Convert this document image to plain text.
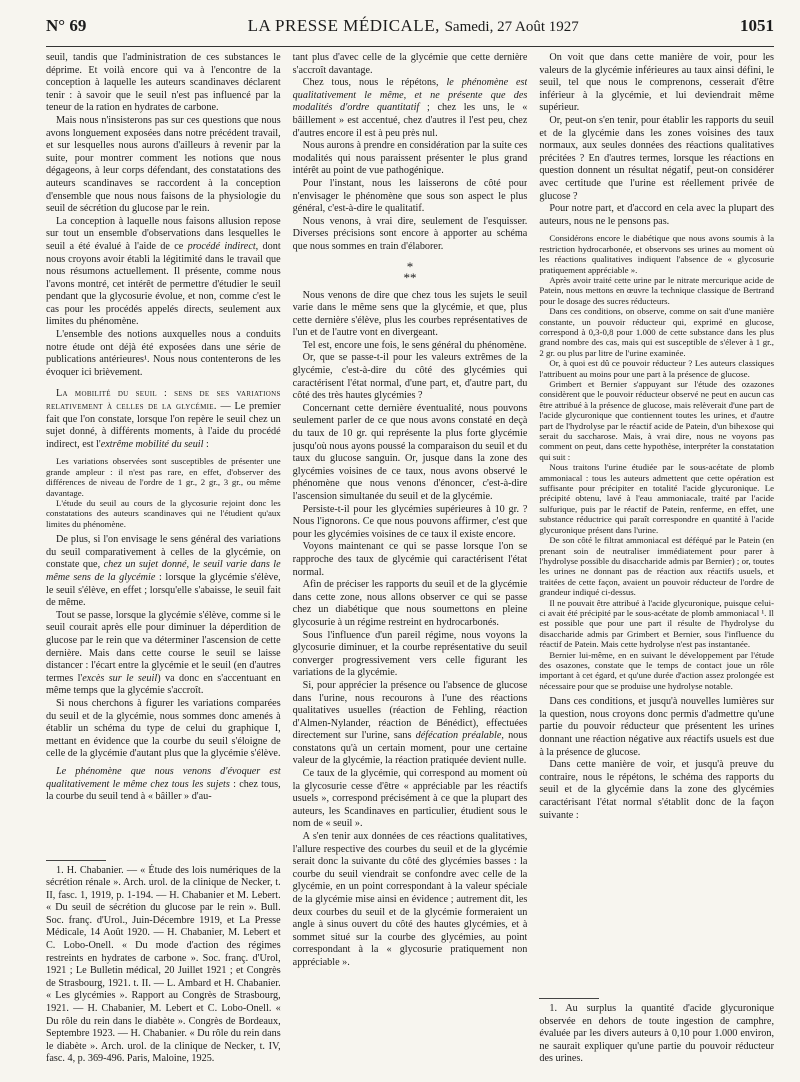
N° 69	LA PRESSE MÉDICALE, Samedi, 27 Août 1927	1051

seuil, tandis que l'administration de ces substances le déprime. Et voilà encore qui va à l'encontre de la conception à laquelle les auteurs scandinaves déclarent tenir : à savoir que le seuil n'est pas influencé par la teneur de la ration en hydrates de carbone.

Mais nous n'insisterons pas sur ces questions que nous avons longuement exposées dans notre précédent travail, et sur lesquelles nous aurons d'ailleurs à revenir par la suite, pour montrer comment les notions que nous dégageons, à leur corps défendant, des constatations des auteurs scandinaves se raccordent à la conception d'ensemble que nous nous faisons de la physiologie du seuil de sécrétion du glucose par le rein.

La conception à laquelle nous faisons allusion repose sur tout un ensemble d'observations dans lesquelles le seuil a été évalué à l'aide de ce procédé indirect, dont nous croyons avoir établi la légitimité dans le travail que nous résumons actuellement. Il présente, comme nous l'avons montré, cet intérêt de permettre d'étudier le seuil pendant que la glycosurie évolue, et non, comme c'est le cas pour les procédés appelés directs, seulement aux limites du phénomène.

L'ensemble des notions auxquelles nous a conduits notre étude ont déjà été exposées dans une série de publications antérieures¹. Nous nous contenterons de les évoquer ici brièvement.

La mobilité du seuil : sens de ses variations relativement à celles de la glycémie. — Le premier fait que l'on constate, lorsque l'on repère le seuil chez un sujet donné, à différents moments, à l'aide du procédé indirect, est l'extrême mobilité du seuil :

Les variations observées sont susceptibles de présenter une grande ampleur : il n'est pas rare, en effet, d'observer des différences de niveau de l'ordre de 1 gr., 2 gr., 3 gr., ou même davantage.

L'étude du seuil au cours de la glycosurie rejoint donc les constatations des auteurs scandinaves qui ne l'étudient qu'aux limites du phénomène.

De plus, si l'on envisage le sens général des variations du seuil comparativement à celles de la glycémie, on constate que, chez un sujet donné, le seuil varie dans le même sens de la glycémie : lorsque la glycémie s'élève, le seuil s'élève, en effet ; lorsqu'elle s'abaisse, le seuil fait de même.

Tout se passe, lorsque la glycémie s'élève, comme si le seuil courait après elle pour diminuer la déperdition de glucose par le rein que va déterminer l'ascension de cette dernière. Mais dans cette course le seuil se laisse distancer : l'écart entre la glycémie et le seuil (en d'autres termes l'excès sur le seuil) va donc en s'accentuant en même temps que la glycémie s'accroît.

Si nous cherchons à figurer les variations comparées du seuil et de la glycémie, nous sommes donc amenés à établir un schéma du type de celui du graphique I, mettant en évidence que la courbe du seuil s'éloigne de celle de la glycémie d'autant plus que la glycémie s'élève.

Le phénomène que nous venons d'évoquer est qualitativement le même chez tous les sujets : chez tous, la courbe du seuil tend à « bâiller » d'au-

1. H. Chabanier. — « Étude des lois numériques de la sécrétion rénale ». Arch. urol. de la clinique de Necker, t. II, fasc. 1, 1919, p. 1-194. — H. Chabanier et M. Lebert. « Du seuil de sécrétion du glucose par le rein ». Bull. Soc. franç. d'Urol., Juin-Décembre 1919, et La Presse Médicale, 14 Août 1920. — H. Chabanier, M. Lebert et C. Lobo-Onell. « Du mode d'action des régimes restreints en hydrates de carbone ». Soc. franç. d'Urol, 1921 ; Le Bulletin médical, 20 Juillet 1921 ; et Congrès de Strasbourg, 1921. t. II. — L. Ambard et H. Chabanier. « Les glycémies ». Rapport au Congrès de Strasbourg, 1921. — H. Chabanier, M. Lebert et C. Lobo-Onell. « Du rôle du rein dans le diabète ». Congrès de Bordeaux, Septembre 1923. — H. Chabanier. « Du rôle du rein dans le diabète ». Arch. urol. de la clinique de Necker, t. IV, fasc. 4, p. 369-496. Paris, Maloine, 1925.

tant plus d'avec celle de la glycémie que cette dernière s'accroît davantage.

Chez tous, nous le répétons, le phénomène est qualitativement le même, et ne présente que des modalités d'ordre quantitatif ; chez les uns, le « bâillement » est accentué, chez d'autres il l'est peu, chez d'autres encore il est à peu près nul.

Nous aurons à prendre en considération par la suite ces modalités qui nous paraissent présenter le plus grand intérêt au point de vue pathogénique.

Pour l'instant, nous les laisserons de côté pour n'envisager le phénomène que sous son aspect le plus général, c'est-à-dire le qualitatif.

Nous venons, à vrai dire, seulement de l'esquisser. Diverses précisions sont encore à apporter au schéma que nous sommes en train d'élaborer.

*
**

Nous venons de dire que chez tous les sujets le seuil varie dans le même sens que la glycémie, et que, plus cette dernière s'élève, plus les courbes représentatives de l'un et de l'autre vont en divergeant.

Tel est, encore une fois, le sens général du phénomène.

Or, que se passe-t-il pour les valeurs extrêmes de la glycémie, c'est-à-dire du côté des glycémies qui caractérisent l'état normal, d'une part, et, d'autre part, du côté des très hautes glycémies ?

Concernant cette dernière éventualité, nous pouvons seulement parler de ce que nous avons constaté en deçà du taux de 10 gr. qui représente la plus forte glycémie jusqu'où nous ayons poussé la comparaison du seuil et du taux du glucose sanguin. Or, jusque dans la zone des glycémies voisines de ce taux, nous avons observé le phénomène que nous venons d'énoncer, c'est-à-dire l'ascension simultanée du seuil et de la glycémie.

Persiste-t-il pour les glycémies supérieures à 10 gr. ? Nous l'ignorons. Ce que nous pouvons affirmer, c'est que pour les glycémies voisines de ce taux il existe encore.

Voyons maintenant ce qui se passe lorsque l'on se rapproche des taux de glycémie qui caractérisent l'état normal.

Afin de préciser les rapports du seuil et de la glycémie dans cette zone, nous allons observer ce qui se passe chez un diabétique que nous soumettons en pleine glycosurie à un régime restreint en hydrocarbonés.

Sous l'influence d'un pareil régime, nous voyons la glycosurie diminuer, et la courbe représentative du seuil converger progressivement vers celle figurant les variations de la glycémie.

Si, pour apprécier la présence ou l'absence de glucose dans l'urine, nous recourons à l'une des réactions qualitatives usuelles (réaction de Fehling, réaction d'Almen-Nylander, réaction de Bénédict), effectuées directement sur l'urine, sans défécation préalable, nous constatons qu'à un certain moment, pour une certaine valeur de la glycémie, la réaction pratiquée devient nulle.

Ce taux de la glycémie, qui correspond au moment où la glycosurie cesse d'être « appréciable par les réactifs usuels », correspond précisément à ce que la plupart des auteurs, les Scandinaves en particulier, étudient sous le nom de « seuil ».

A s'en tenir aux données de ces réactions qualitatives, l'allure respective des courbes du seuil et de la glycémie serait donc la suivante du côté des glycémies basses : la courbe du seuil viendrait se confondre avec celle de la glycémie, en un point correspondant à la valeur spéciale de la glycémie mise ainsi en évidence ; autrement dit, les deux courbes du seuil et de la glycémie formeraient un angle à sinus ouvert du côté des hautes glycémies, et à sommet situé sur la courbe des glycémies, au point correspondant à la « glycosurie pratiquement non appréciable ».

On voit que dans cette manière de voir, pour les valeurs de la glycémie inférieures au taux ainsi défini, le seuil, tel que nous le comprenons, cesserait d'être inférieur à la glycémie, et lui deviendrait même supérieur.

Or, peut-on s'en tenir, pour établir les rapports du seuil et de la glycémie dans les zones voisines des taux normaux, aux seules données des réactions qualitatives précitées ? En d'autres termes, lorsque les réactions en question donnent un résultat négatif, peut-on considérer avec certitude que l'urine est réellement privée de glucose ?

Pour notre part, et d'accord en cela avec la plupart des auteurs, nous ne le pensons pas.

Considérons encore le diabétique que nous avons soumis à la restriction hydrocarbonée, et observons ses urines au moment où les réactions qualitatives indiquent l'absence de « glycosurie pratiquement appréciable ».

Après avoir traité cette urine par le nitrate mercurique acide de Patein, nous mettons en œuvre la technique classique de Bertrand pour le dosage des sucres réducteurs.

Dans ces conditions, on observe, comme on sait d'une manière constante, un pouvoir réducteur qui, exprimé en glucose, correspond à 0,3-0,8 pour 1.000 de cette substance dans les plus grand nombre des cas, mais qui est susceptible de s'élever à 1 gr., 2 gr. ou plus par litre de l'urine examinée.

Or, à quoi est dû ce pouvoir réducteur ? Les auteurs classiques l'attribuent au moins pour une part à la présence de glucose.

Grimbert et Bernier s'appuyant sur l'étude des ozazones considèrent que le pouvoir réducteur observé ne peut en aucun cas être attribué à la présence de glucose, mais relèverait d'une part de l'acide glycuronique que contiennent toutes les urines, et d'autre part de l'hydrolyse par le réactif acide de Patein, d'un bihexose qui serait du saccharose. Mais, à vrai dire, nous ne voyons pas comment on peut, dans cette hypothèse, interpréter la constatation qui suit :

Nous traitons l'urine étudiée par le sous-acétate de plomb ammoniacal : tous les auteurs admettent que cette opération est suffisante pour précipiter en totalité l'acide glycuronique. Le précipité obtenu, lavé à l'eau ammoniacale, traité par l'acide sulfurique, puis par le réactif de Patein, renferme, en effet, une substance réductrice qui paraît correspondre en quantité à l'acide glycuronique présent dans l'urine.

De son côté le filtrat ammoniacal est déféqué par le Patein (en prenant soin de neutraliser immédiatement pour parer à l'hydrolyse possible du disaccharide admis par Bernier) ; or, toutes les urines ne donnant pas de réaction aux réactifs usuels, et traitées de cette façon, avaient un pouvoir réducteur de l'ordre de grandeur indiqué ci-dessus.

Il ne pouvait être attribué à l'acide glycuronique, puisque celui-ci avait été précipité par le sous-acétate de plomb ammoniacal ¹. Il est possible que pour une part il résulte de l'hydrolyse du disaccharide admis par Grimbert et Bernier, sous l'influence du réactif de Patein. Mais cette hydrolyse n'est pas instantanée.

Bernier lui-même, en en suivant le développement par l'étude des osazones, constate que le temps de contact joue un rôle important à cet égard, et qu'une durée d'action assez prolongée est nécessaire pour que se produise une hydrolyse notable.

Dans ces conditions, et jusqu'à nouvelles lumières sur la question, nous croyons donc permis d'admettre qu'une partie du pouvoir réducteur que présentent les urines donnant une réaction négative aux réactifs usuels est due à la présence de glucose.

Dans cette manière de voir, et jusqu'à preuve du contraire, nous le répétons, le schéma des rapports du seuil et de la glycémie dans la zone des glycémies caractérisant l'état normal s'établit donc de la façon suivante :

1. Au surplus la quantité d'acide glycuronique observée en dehors de toute ingestion de camphre, évaluée par les divers auteurs à 0,10 pour 1.000 environ, ne saurait expliquer qu'une partie du pouvoir réducteur des urines.
